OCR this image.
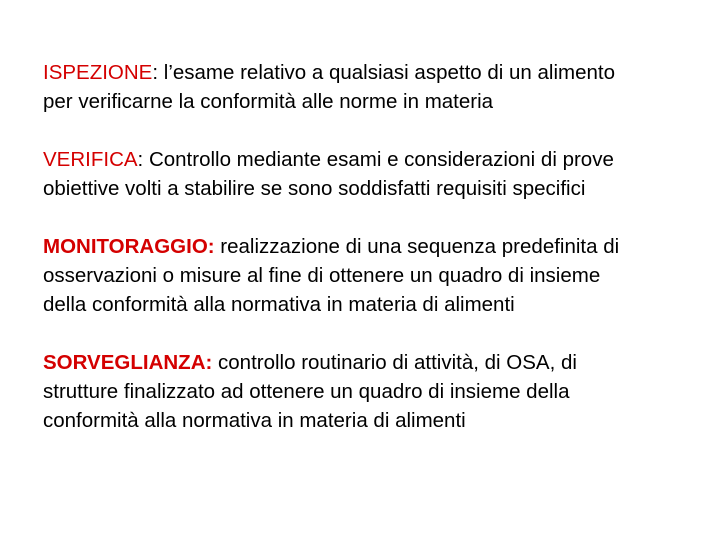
ISPEZIONE: l’esame relativo a qualsiasi aspetto di un alimento
per verificarne la conformità alle norme in materia
VERIFICA: Controllo mediante esami e considerazioni di prove
obiettive volti a stabilire se sono soddisfatti requisiti specifici
MONITORAGGIO: realizzazione di una sequenza predefinita di
osservazioni o misure al fine di ottenere un quadro di insieme
della conformità alla normativa in materia di alimenti
SORVEGLIANZA: controllo routinario di attività, di OSA, di
strutture finalizzato ad ottenere un quadro di insieme della
conformità alla normativa in materia di alimenti
